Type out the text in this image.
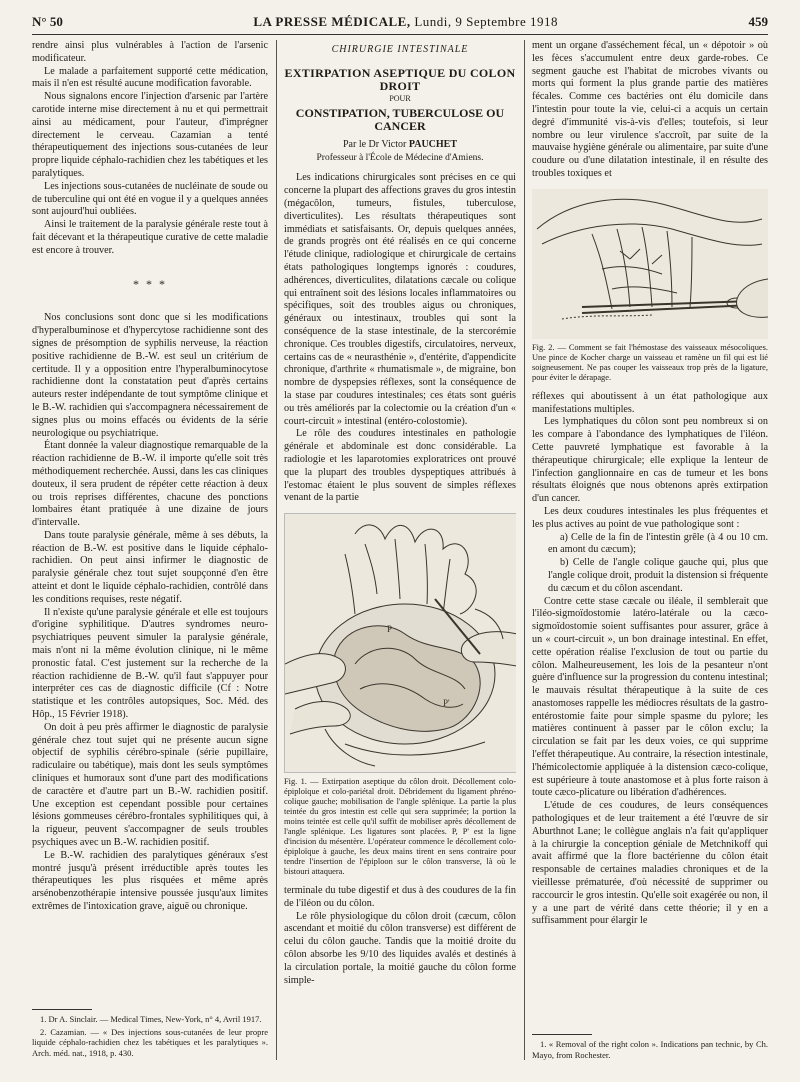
N° 50	LA PRESSE MÉDICALE, Lundi, 9 Septembre 1918	459

rendre ainsi plus vulnérables à l'action de l'arsenic modificateur.

Le malade a parfaitement supporté cette médication, mais il n'en est résulté aucune modification favorable.

Nous signalons encore l'injection d'arsenic par l'artère carotide interne mise directement à nu et qui permettrait ainsi au médicament, pour l'auteur, d'imprégner directement le cerveau. Cazamian a tenté thérapeutiquement des injections sous-cutanées de leur propre liquide céphalo-rachidien chez les tabétiques et les paralytiques.

Les injections sous-cutanées de nucléinate de soude ou de tuberculine qui ont été en vogue il y a quelques années sont aujourd'hui oubliées.

Ainsi le traitement de la paralysie générale reste tout à fait décevant et la thérapeutique curative de cette maladie est encore à trouver.

* * *

Nos conclusions sont donc que si les modifications d'hyperalbuminose et d'hypercytose rachidienne sont des signes de présomption de syphilis nerveuse, la réaction positive rachidienne de B.-W. est seul un critérium de certitude. Il y a opposition entre l'hyperalbuminocytose rachidienne dont la constatation peut d'après certains auteurs rester indépendante de tout symptôme clinique et le B.-W. rachidien qui s'accompagnera nécessairement de signes plus ou moins effacés ou évidents de la série neurologique ou psychiatrique.

Étant donnée la valeur diagnostique remarquable de la réaction rachidienne de B.-W. il importe qu'elle soit très méthodiquement recherchée. Aussi, dans les cas cliniques douteux, il sera prudent de répéter cette réaction à deux ou trois reprises différentes, chacune des ponctions lombaires étant pratiquée à une dizaine de jours d'intervalle.

Dans toute paralysie générale, même à ses débuts, la réaction de B.-W. est positive dans le liquide céphalo-rachidien. On peut ainsi infirmer le diagnostic de paralysie générale chez tout sujet soupçonné d'en être atteint et dont le liquide céphalo-rachidien, contrôlé dans les conditions requises, reste négatif.

Il n'existe qu'une paralysie générale et elle est toujours d'origine syphilitique. D'autres syndromes neuro-psychiatriques peuvent simuler la paralysie générale, mais n'ont ni la même évolution clinique, ni le même pronostic fatal. C'est justement sur la recherche de la réaction rachidienne de B.-W. qu'il faut s'appuyer pour interpréter ces cas de diagnostic difficile (Cf : Notre statistique et les contrôles autopsiques, Soc. Méd. des Hôp., 15 Février 1918).

On doit à peu près affirmer le diagnostic de paralysie générale chez tout sujet qui ne présente aucun signe objectif de syphilis cérébro-spinale (série pupillaire, radiculaire ou tabétique), mais dont les seuls symptômes cliniques et humoraux sont d'une part des modifications de caractère et d'autre part un B.-W. rachidien positif. Une exception est cependant possible pour certaines lésions gommeuses cérébro-frontales syphilitiques qui, à la rigueur, peuvent s'accompagner de seuls troubles psychiques avec un B.-W. rachidien positif.

Le B.-W. rachidien des paralytiques généraux s'est montré jusqu'à présent irréductible après toutes les thérapeutiques les plus risquées et même après arsénobenzothérapie intensive poussée jusqu'aux limites extrêmes de l'intoxication grave, aiguë ou chronique.

1. Dr A. Sinclair. — Medical Times, New-York, n° 4, Avril 1917.

2. Cazamian. — « Des injections sous-cutanées de leur propre liquide céphalo-rachidien chez les tabétiques et les paralytiques ». Arch. méd. nat., 1918, p. 430.

CHIRURGIE INTESTINALE
EXTIRPATION ASEPTIQUE DU COLON DROIT
POUR
CONSTIPATION, TUBERCULOSE OU CANCER
Par le Dr Victor PAUCHET
Professeur à l'École de Médecine d'Amiens.

Les indications chirurgicales sont précises en ce qui concerne la plupart des affections graves du gros intestin (mégacôlon, tumeurs, fistules, tuberculose, diverticulites). Les résultats thérapeutiques sont immédiats et satisfaisants. Or, depuis quelques années, de grands progrès ont été réalisés en ce qui concerne l'étude clinique, radiologique et chirurgicale de certains états pathologiques longtemps ignorés : coudures, adhérences, diverticulites, dilatations cæcale ou colique qui entraînent soit des lésions locales inflammatoires ou spécifiques, soit des troubles aigus ou chroniques, généraux ou intestinaux, troubles qui sont la conséquence de la stase intestinale, de la stercorémie chronique. Ces troubles digestifs, circulatoires, nerveux, certains cas de « neurasthénie », d'entérite, d'appendicite chronique, d'arthrite « rhumatismale », de migraine, bon nombre de dyspepsies réflexes, sont la conséquence de la stase par coudures intestinales; ces états sont guéris ou très améliorés par la colectomie ou la création d'un « court-circuit » intestinal (entéro-colostomie).

Le rôle des coudures intestinales en pathologie générale et abdominale est donc considérable. La radiologie et les laparotomies exploratrices ont prouvé que la plupart des troubles dyspeptiques attribués à l'estomac étaient le plus souvent de simples réflexes venant de la partie

P
P'
Fig. 1. — Extirpation aseptique du côlon droit. Décollement colo-épiploïque et colo-pariétal droit. Débridement du ligament phréno-colique gauche; mobilisation de l'angle splénique. La partie la plus teintée du gros intestin est celle qui sera supprimée; la portion la moins teintée est celle qu'il suffit de mobiliser après décollement de l'angle splénique. Les ligatures sont placées. P, P' est la ligne d'incision du mésentère. L'opérateur commence le décollement colo-épiploïque à gauche, les deux mains tirent en sens contraire pour tendre l'insertion de l'épiploon sur le côlon transverse, là où le bistouri attaquera.

terminale du tube digestif et dus à des coudures de la fin de l'iléon ou du côlon.

Le rôle physiologique du côlon droit (cæcum, côlon ascendant et moitié du côlon transverse) est différent de celui du côlon gauche. Tandis que la moitié droite du côlon absorbe les 9/10 des liquides avalés et destinés à la circulation portale, la moitié gauche du côlon forme simple-

ment un organe d'asséchement fécal, un « dépotoir » où les fèces s'accumulent entre deux garde-robes. Ce segment gauche est l'habitat de microbes vivants ou morts qui forment la plus grande partie des matières fécales. Comme ces bactéries ont élu domicile dans l'intestin pour toute la vie, celui-ci a acquis un certain degré d'immunité vis-à-vis d'elles; toutefois, si leur nombre ou leur virulence s'accroît, par suite de la mauvaise hygiène générale ou alimentaire, par suite d'une coudure ou d'une dilatation intestinale, il en résulte des troubles toxiques et

Fig. 2. — Comment se fait l'hémostase des vaisseaux mésocoliques. Une pince de Kocher charge un vaisseau et ramène un fil qui est lié soigneusement. Ne pas couper les vaisseaux trop près de la ligature, pour éviter le dérapage.

réflexes qui aboutissent à un état pathologique aux manifestations multiples.

Les lymphatiques du côlon sont peu nombreux si on les compare à l'abondance des lymphatiques de l'iléon. Cette pauvreté lymphatique est favorable à la thérapeutique chirurgicale; elle explique la lenteur de l'infection ganglionnaire en cas de tumeur et les bons résultats éloignés que nous obtenons après extirpation d'un cancer.

Les deux coudures intestinales les plus fréquentes et les plus actives au point de vue pathologique sont :

a) Celle de la fin de l'intestin grêle (à 4 ou 10 cm. en amont du cæcum);

b) Celle de l'angle colique gauche qui, plus que l'angle colique droit, produit la distension si fréquente du cæcum et du côlon ascendant.

Contre cette stase cæcale ou iléale, il semblerait que l'iléo-sigmoïdostomie latéro-latérale ou la cæco-sigmoïdostomie soient suffisantes pour assurer, grâce à un « court-circuit », un bon drainage intestinal. En effet, cette opération réalise l'exclusion de tout ou partie du côlon. Malheureusement, les lois de la pesanteur n'ont guère d'influence sur la progression du contenu intestinal; le mauvais résultat thérapeutique à la suite de ces anastomoses rappelle les médiocres résultats de la gastro-entérostomie faite pour simple spasme du pylore; les matières continuent à passer par le côlon exclu; la circulation se fait par les deux voies, ce qui supprime l'effet thérapeutique. Au contraire, la résection intestinale, l'hémicolectomie appliquée à la distension cæco-colique, est supérieure à toute anastomose et à plus forte raison à toute cæco-plicature ou libération d'adhérences.

L'étude de ces coudures, de leurs conséquences pathologiques et de leur traitement a été l'œuvre de sir Aburthnot Lane; le collègue anglais n'a fait qu'appliquer à la chirurgie la conception géniale de Metchnikoff qui avait affirmé que la flore bactérienne du côlon était responsable de certaines maladies chroniques et de la vieillesse prématurée, d'où nécessité de supprimer ou raccourcir le gros intestin. Qu'elle soit exagérée ou non, il y a une part de vérité dans cette théorie; il y en a suffisamment pour élargir le

1. « Removal of the right colon ». Indications pan technic, by Ch. Mayo, from Rochester.
